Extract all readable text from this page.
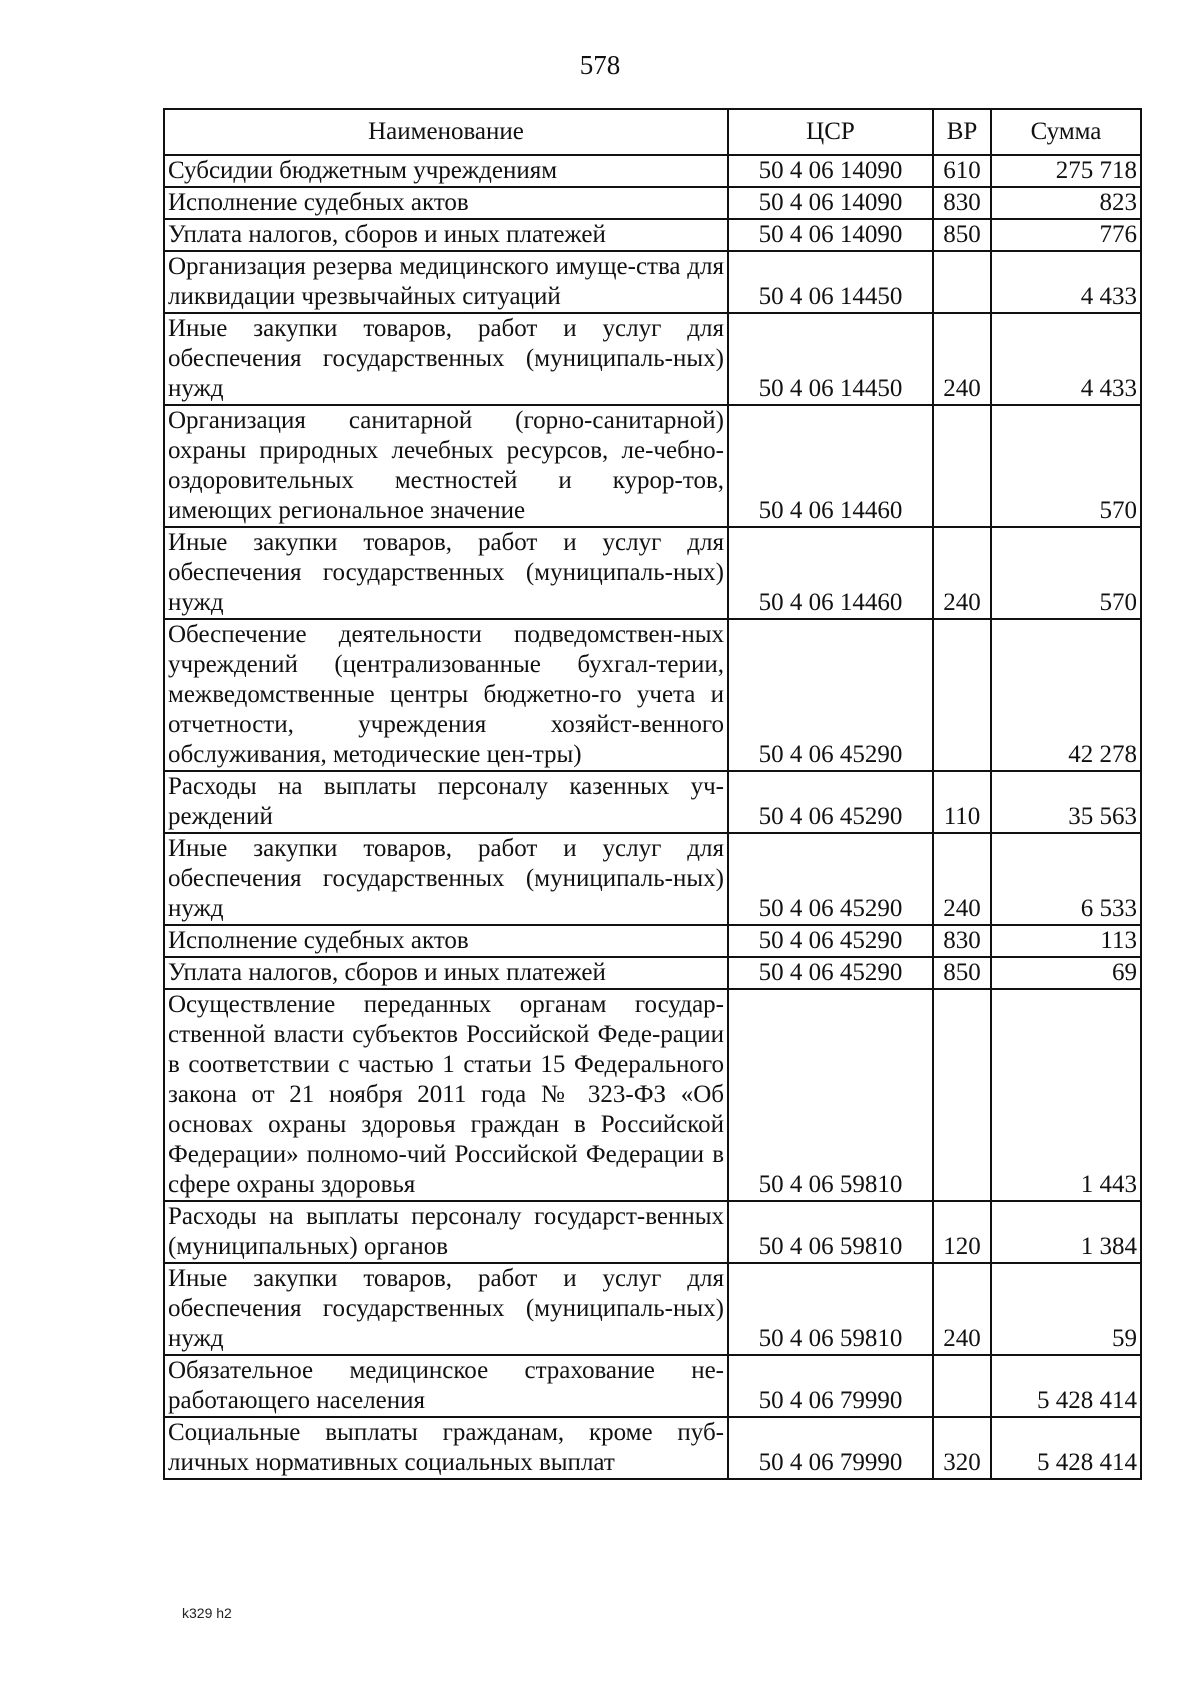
578
Наименование	ЦСР	ВР	Сумма
Субсидии бюджетным учреждениям	50 4 06 14090	610	275 718
Исполнение судебных актов	50 4 06 14090	830	823
Уплата налогов, сборов и иных платежей	50 4 06 14090	850	776
Организация резерва медицинского имуще-ства для ликвидации чрезвычайных ситуаций	50 4 06 14450		4 433
Иные закупки товаров, работ и услуг для обеспечения государственных (муниципаль-ных) нужд	50 4 06 14450	240	4 433
Организация санитарной (горно-санитарной) охраны природных лечебных ресурсов, ле-чебно-оздоровительных местностей и курор-тов, имеющих региональное значение	50 4 06 14460		570
Иные закупки товаров, работ и услуг для обеспечения государственных (муниципаль-ных) нужд	50 4 06 14460	240	570
Обеспечение деятельности подведомствен-ных учреждений (централизованные бухгал-терии, межведомственные центры бюджетно-го учета и отчетности, учреждения хозяйст-венного обслуживания, методические цен-тры)	50 4 06 45290		42 278
Расходы на выплаты персоналу казенных уч-реждений	50 4 06 45290	110	35 563
Иные закупки товаров, работ и услуг для обеспечения государственных (муниципаль-ных) нужд	50 4 06 45290	240	6 533
Исполнение судебных актов	50 4 06 45290	830	113
Уплата налогов, сборов и иных платежей	50 4 06 45290	850	69
Осуществление переданных органам государ-ственной власти субъектов Российской Феде-рации в соответствии с частью 1 статьи 15 Федерального закона от 21 ноября 2011 года № 323-ФЗ «Об основах охраны здоровья граждан в Российской Федерации» полномо-чий Российской Федерации в сфере охраны здоровья	50 4 06 59810		1 443
Расходы на выплаты персоналу государст-венных (муниципальных) органов	50 4 06 59810	120	1 384
Иные закупки товаров, работ и услуг для обеспечения государственных (муниципаль-ных) нужд	50 4 06 59810	240	59
Обязательное медицинское страхование не-работающего населения	50 4 06 79990		5 428 414
Социальные выплаты гражданам, кроме пуб-личных нормативных социальных выплат	50 4 06 79990	320	5 428 414
k329 h2
